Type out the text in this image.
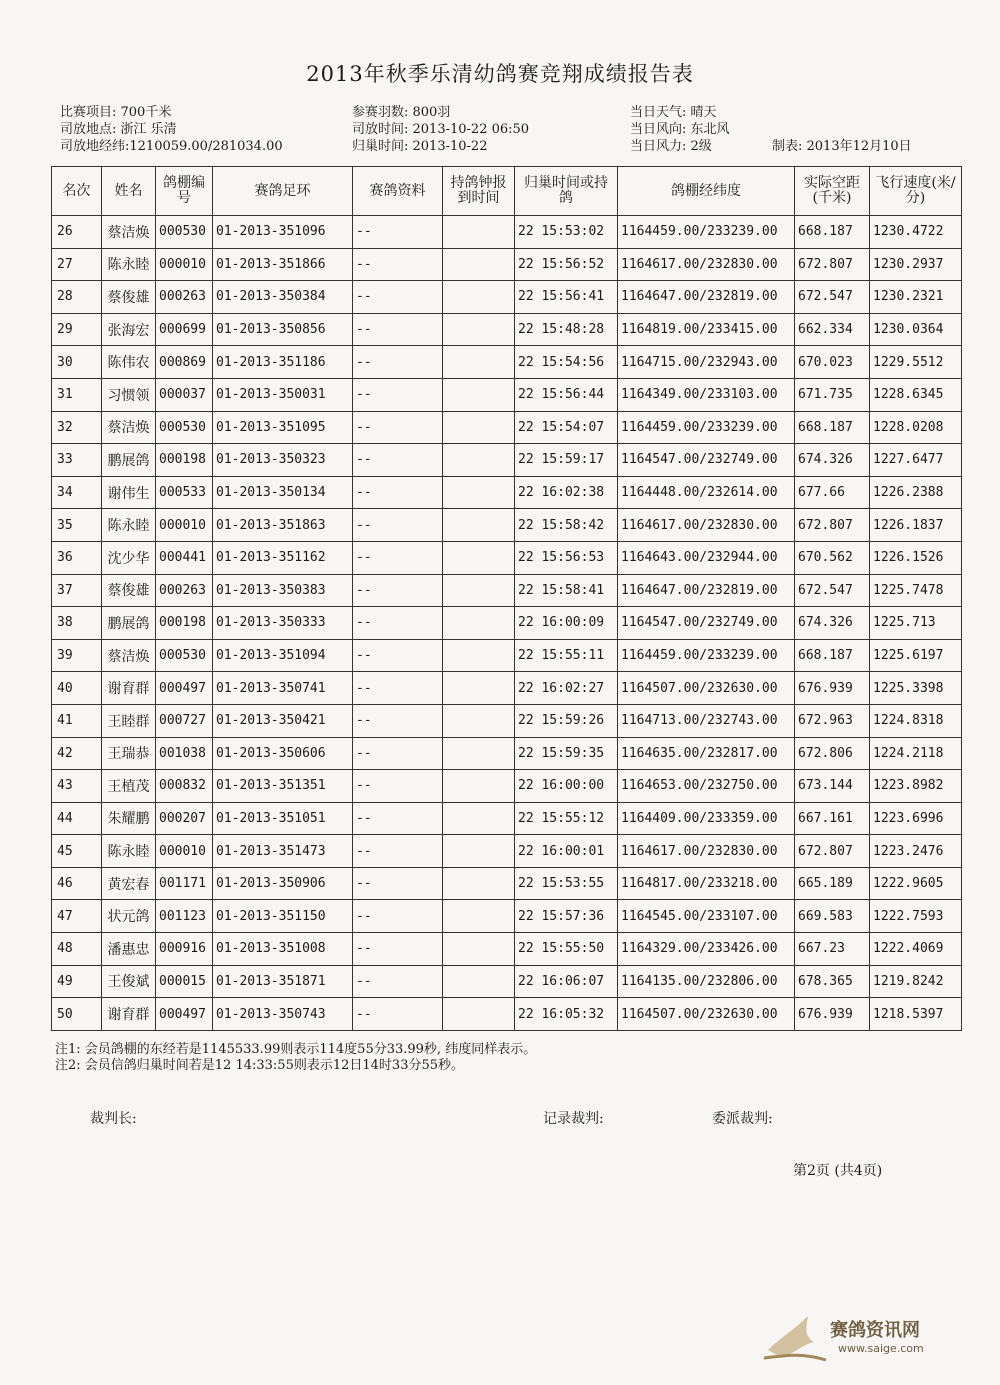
2013年秋季乐清幼鸽赛竞翔成绩报告表
比赛项目: 700千米
司放地点: 浙江 乐清
司放地经纬:1210059.00/281034.00
参赛羽数: 800羽
司放时间: 2013-10-22 06:50
归巢时间: 2013-10-22
当日天气: 晴天
当日风向: 东北风
当日风力: 2级	制表: 2013年12月10日
名次	姓名	鸽棚编号	赛鸽足环	赛鸽资料	持鸽钟报到时间	归巢时间或持鸽	鸽棚经纬度	实际空距(千米)	飞行速度(米/分)
26	蔡洁焕	000530	01-2013-351096	--		22 15:53:02	1164459.00/233239.00	668.187	1230.4722
27	陈永睦	000010	01-2013-351866	--		22 15:56:52	1164617.00/232830.00	672.807	1230.2937
28	蔡俊雄	000263	01-2013-350384	--		22 15:56:41	1164647.00/232819.00	672.547	1230.2321
29	张海宏	000699	01-2013-350856	--		22 15:48:28	1164819.00/233415.00	662.334	1230.0364
30	陈伟农	000869	01-2013-351186	--		22 15:54:56	1164715.00/232943.00	670.023	1229.5512
31	习惯领	000037	01-2013-350031	--		22 15:56:44	1164349.00/233103.00	671.735	1228.6345
32	蔡洁焕	000530	01-2013-351095	--		22 15:54:07	1164459.00/233239.00	668.187	1228.0208
33	鹏展鸽	000198	01-2013-350323	--		22 15:59:17	1164547.00/232749.00	674.326	1227.6477
34	谢伟生	000533	01-2013-350134	--		22 16:02:38	1164448.00/232614.00	677.66	1226.2388
35	陈永睦	000010	01-2013-351863	--		22 15:58:42	1164617.00/232830.00	672.807	1226.1837
36	沈少华	000441	01-2013-351162	--		22 15:56:53	1164643.00/232944.00	670.562	1226.1526
37	蔡俊雄	000263	01-2013-350383	--		22 15:58:41	1164647.00/232819.00	672.547	1225.7478
38	鹏展鸽	000198	01-2013-350333	--		22 16:00:09	1164547.00/232749.00	674.326	1225.713
39	蔡洁焕	000530	01-2013-351094	--		22 15:55:11	1164459.00/233239.00	668.187	1225.6197
40	谢育群	000497	01-2013-350741	--		22 16:02:27	1164507.00/232630.00	676.939	1225.3398
41	王睦群	000727	01-2013-350421	--		22 15:59:26	1164713.00/232743.00	672.963	1224.8318
42	王瑞恭	001038	01-2013-350606	--		22 15:59:35	1164635.00/232817.00	672.806	1224.2118
43	王植茂	000832	01-2013-351351	--		22 16:00:00	1164653.00/232750.00	673.144	1223.8982
44	朱耀鹏	000207	01-2013-351051	--		22 15:55:12	1164409.00/233359.00	667.161	1223.6996
45	陈永睦	000010	01-2013-351473	--		22 16:00:01	1164617.00/232830.00	672.807	1223.2476
46	黄宏春	001171	01-2013-350906	--		22 15:53:55	1164817.00/233218.00	665.189	1222.9605
47	状元鸽	001123	01-2013-351150	--		22 15:57:36	1164545.00/233107.00	669.583	1222.7593
48	潘惠忠	000916	01-2013-351008	--		22 15:55:50	1164329.00/233426.00	667.23	1222.4069
49	王俊斌	000015	01-2013-351871	--		22 16:06:07	1164135.00/232806.00	678.365	1219.8242
50	谢育群	000497	01-2013-350743	--		22 16:05:32	1164507.00/232630.00	676.939	1218.5397
注1: 会员鸽棚的东经若是1145533.99则表示114度55分33.99秒, 纬度同样表示。
注2: 会员信鸽归巢时间若是12 14:33:55则表示12日14时33分55秒。
裁判长:	记录裁判:	委派裁判:
第2页 (共4页)
赛鸽资讯网
www.saige.com
